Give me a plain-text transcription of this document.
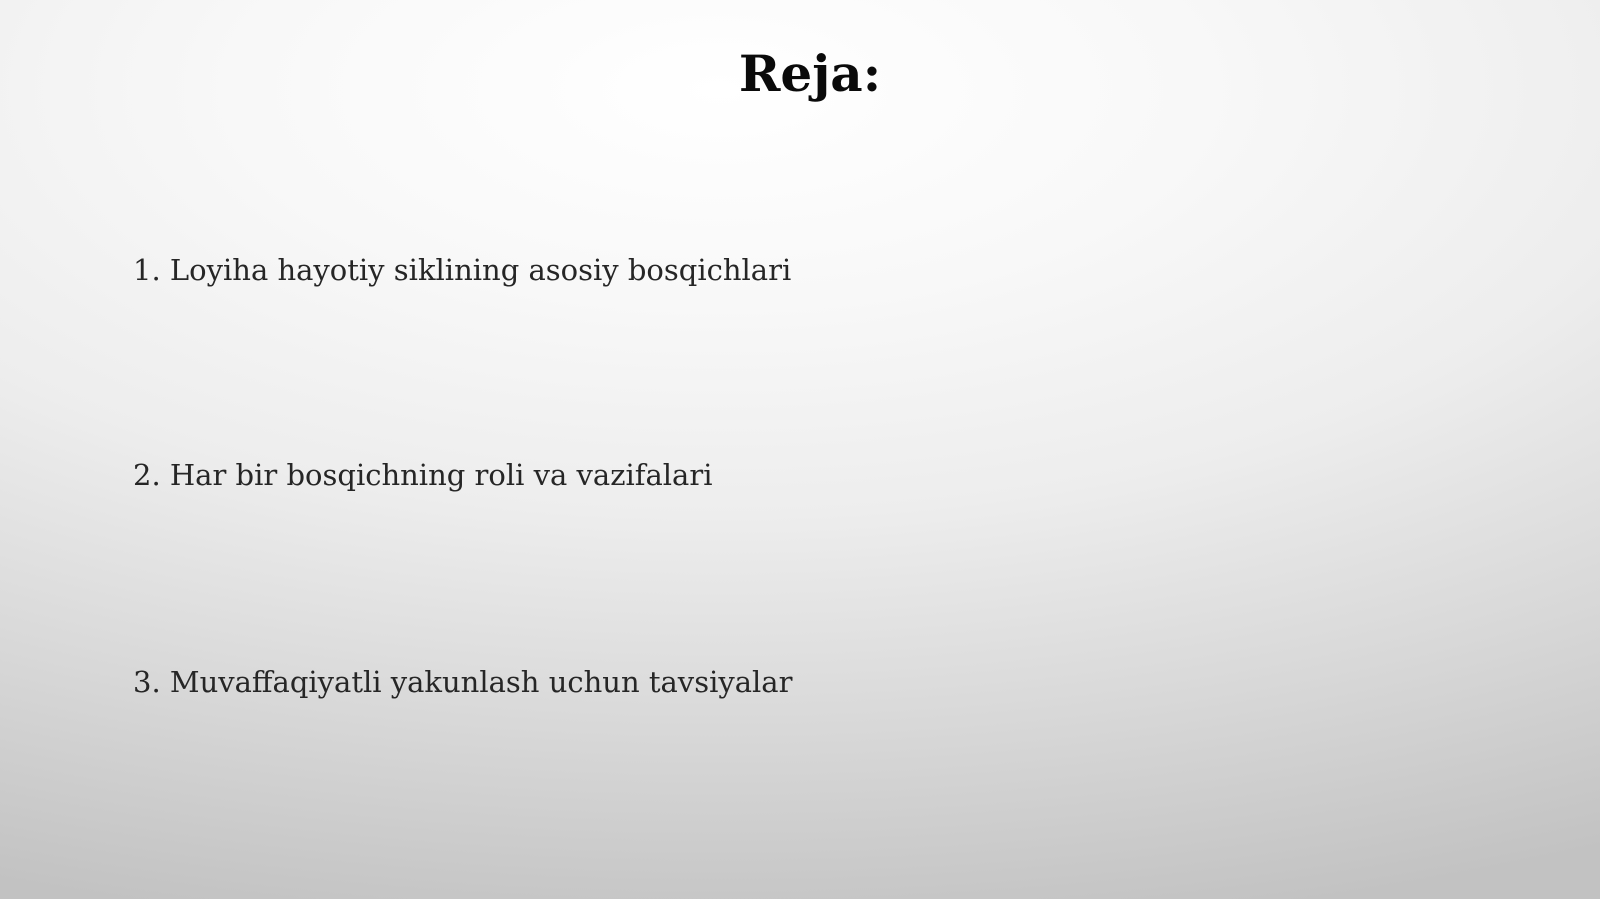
Reja:

1. Loyiha hayotiy siklining asosiy bosqichlari

2. Har bir bosqichning roli va vazifalari

3. Muvaffaqiyatli yakunlash uchun tavsiyalar
